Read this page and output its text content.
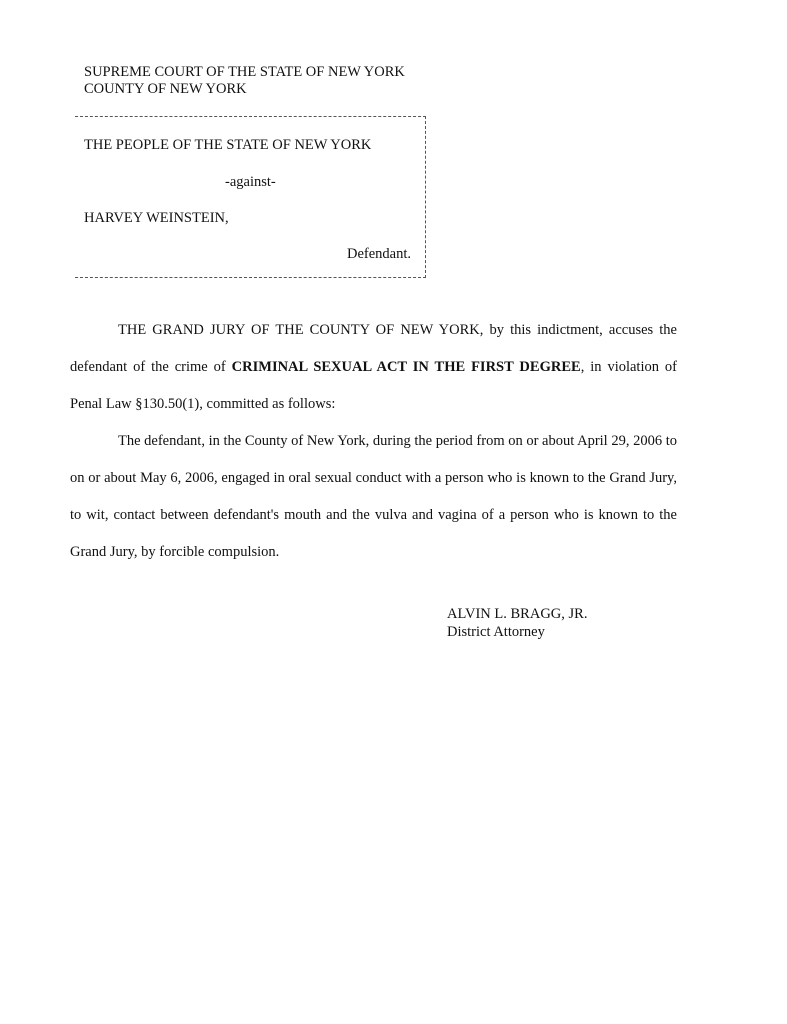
SUPREME COURT OF THE STATE OF NEW YORK
COUNTY OF NEW YORK
THE PEOPLE OF THE STATE OF NEW YORK
-against-
HARVEY WEINSTEIN,
Defendant.

THE GRAND JURY OF THE COUNTY OF NEW YORK, by this indictment, accuses the defendant of the crime of CRIMINAL SEXUAL ACT IN THE FIRST DEGREE, in violation of Penal Law §130.50(1), committed as follows:

The defendant, in the County of New York, during the period from on or about April 29, 2006 to on or about May 6, 2006, engaged in oral sexual conduct with a person who is known to the Grand Jury, to wit, contact between defendant's mouth and the vulva and vagina of a person who is known to the Grand Jury, by forcible compulsion.

ALVIN L. BRAGG, JR.
District Attorney
